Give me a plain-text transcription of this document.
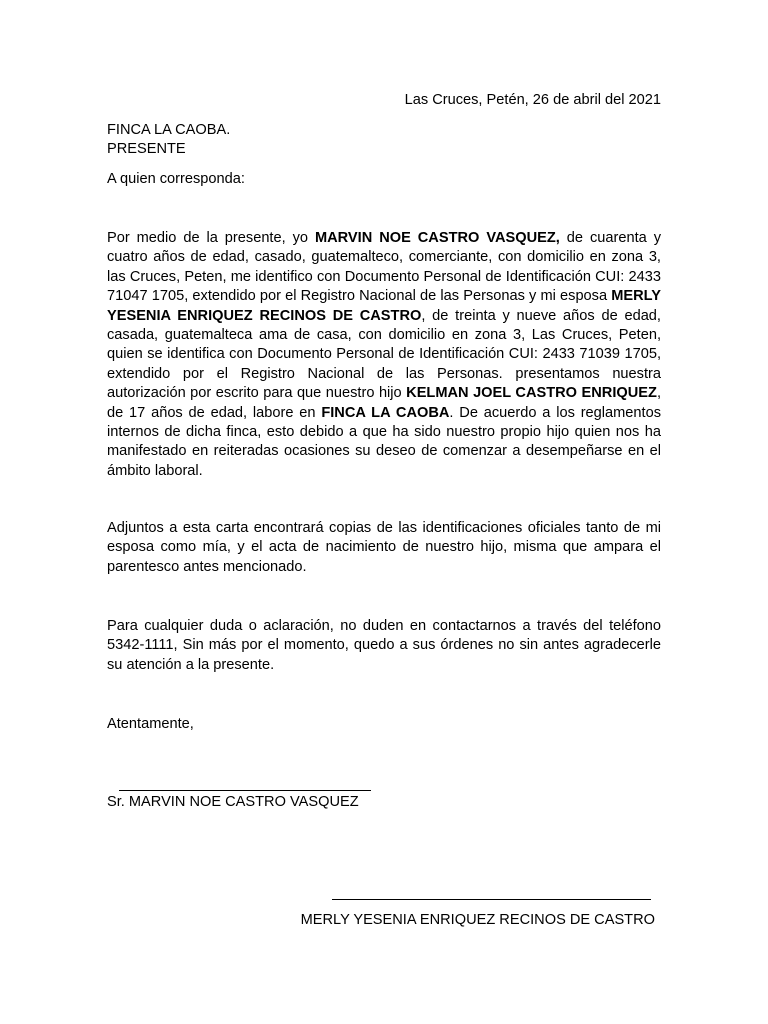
Las Cruces, Petén, 26 de abril del 2021
FINCA LA CAOBA.
PRESENTE
A quien corresponda:
Por medio de la presente, yo MARVIN NOE CASTRO VASQUEZ, de cuarenta y cuatro años de edad, casado, guatemalteco, comerciante, con domicilio en zona 3, las Cruces, Peten, me identifico con Documento Personal de Identificación CUI: 2433 71047 1705, extendido por el Registro Nacional de las Personas y mi esposa MERLY YESENIA ENRIQUEZ RECINOS DE CASTRO, de treinta y nueve años de edad, casada, guatemalteca ama de casa, con domicilio en zona 3, Las Cruces, Peten, quien se identifica con Documento Personal de Identificación CUI: 2433 71039 1705, extendido por el Registro Nacional de las Personas. presentamos nuestra autorización por escrito para que nuestro hijo KELMAN JOEL CASTRO ENRIQUEZ, de 17 años de edad, labore en FINCA LA CAOBA. De acuerdo a los reglamentos internos de dicha finca, esto debido a que ha sido nuestro propio hijo quien nos ha manifestado en reiteradas ocasiones su deseo de comenzar a desempeñarse en el ámbito laboral.
Adjuntos a esta carta encontrará copias de las identificaciones oficiales tanto de mi esposa como mía, y el acta de nacimiento de nuestro hijo, misma que ampara el parentesco antes mencionado.
Para cualquier duda o aclaración, no duden en contactarnos a través del teléfono 5342-1111, Sin más por el momento, quedo a sus órdenes no sin antes agradecerle su atención a la presente.
Atentamente,
Sr. MARVIN NOE CASTRO VASQUEZ
MERLY YESENIA ENRIQUEZ RECINOS DE CASTRO
